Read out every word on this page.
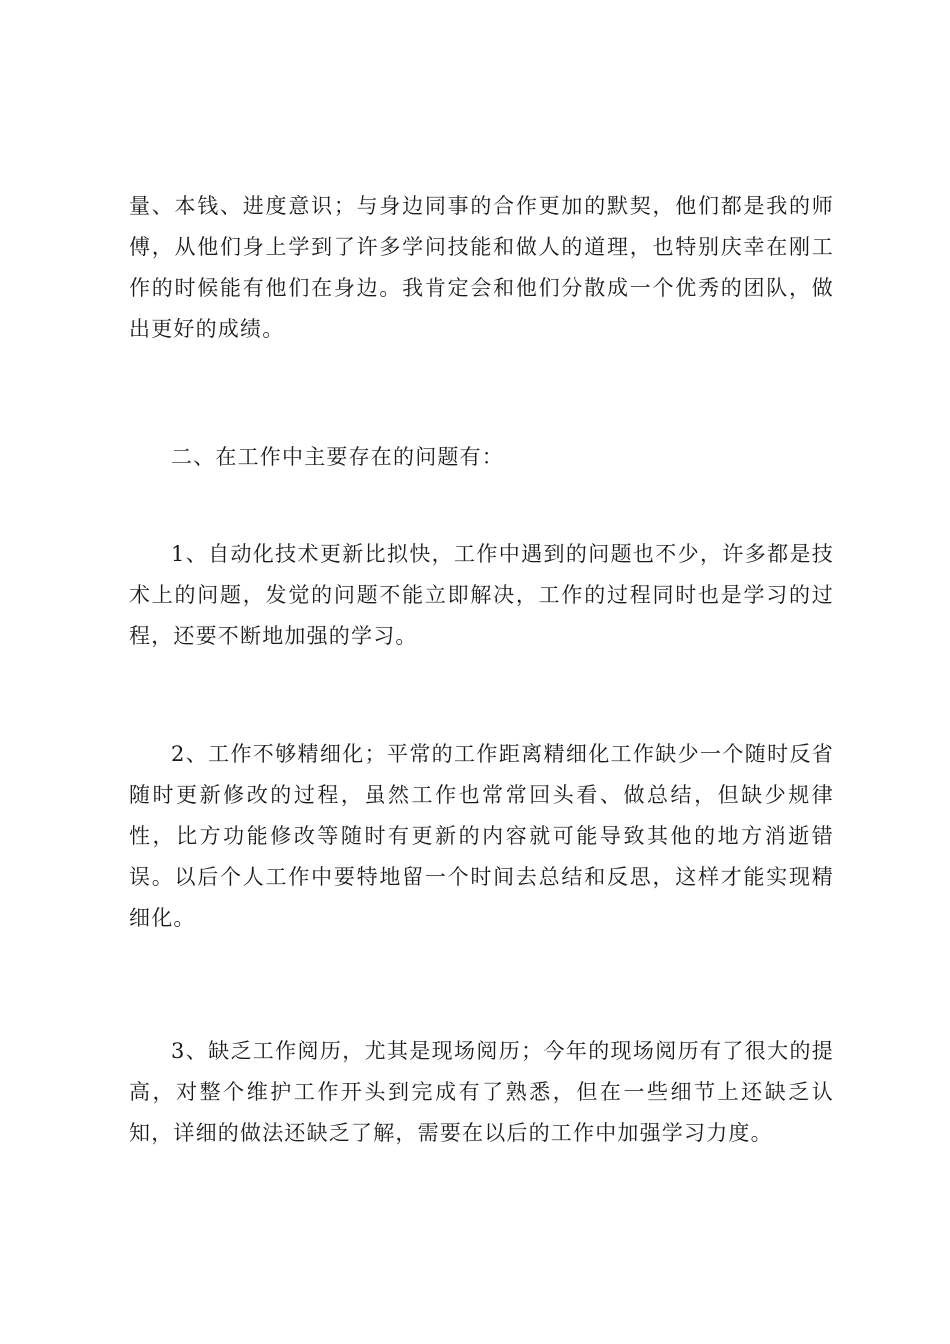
量、本钱、进度意识；与身边同事的合作更加的默契，他们都是我的师傅，从他们身上学到了许多学问技能和做人的道理，也特别庆幸在刚工作的时候能有他们在身边。我肯定会和他们分散成一个优秀的团队，做出更好的成绩。

二、在工作中主要存在的问题有：

1、自动化技术更新比拟快，工作中遇到的问题也不少，许多都是技术上的问题，发觉的问题不能立即解决，工作的过程同时也是学习的过程，还要不断地加强的学习。

2、工作不够精细化；平常的工作距离精细化工作缺少一个随时反省随时更新修改的过程，虽然工作也常常回头看、做总结，但缺少规律性，比方功能修改等随时有更新的内容就可能导致其他的地方消逝错误。以后个人工作中要特地留一个时间去总结和反思，这样才能实现精细化。

3、缺乏工作阅历，尤其是现场阅历；今年的现场阅历有了很大的提高，对整个维护工作开头到完成有了熟悉，但在一些细节上还缺乏认知，详细的做法还缺乏了解，需要在以后的工作中加强学习力度。
